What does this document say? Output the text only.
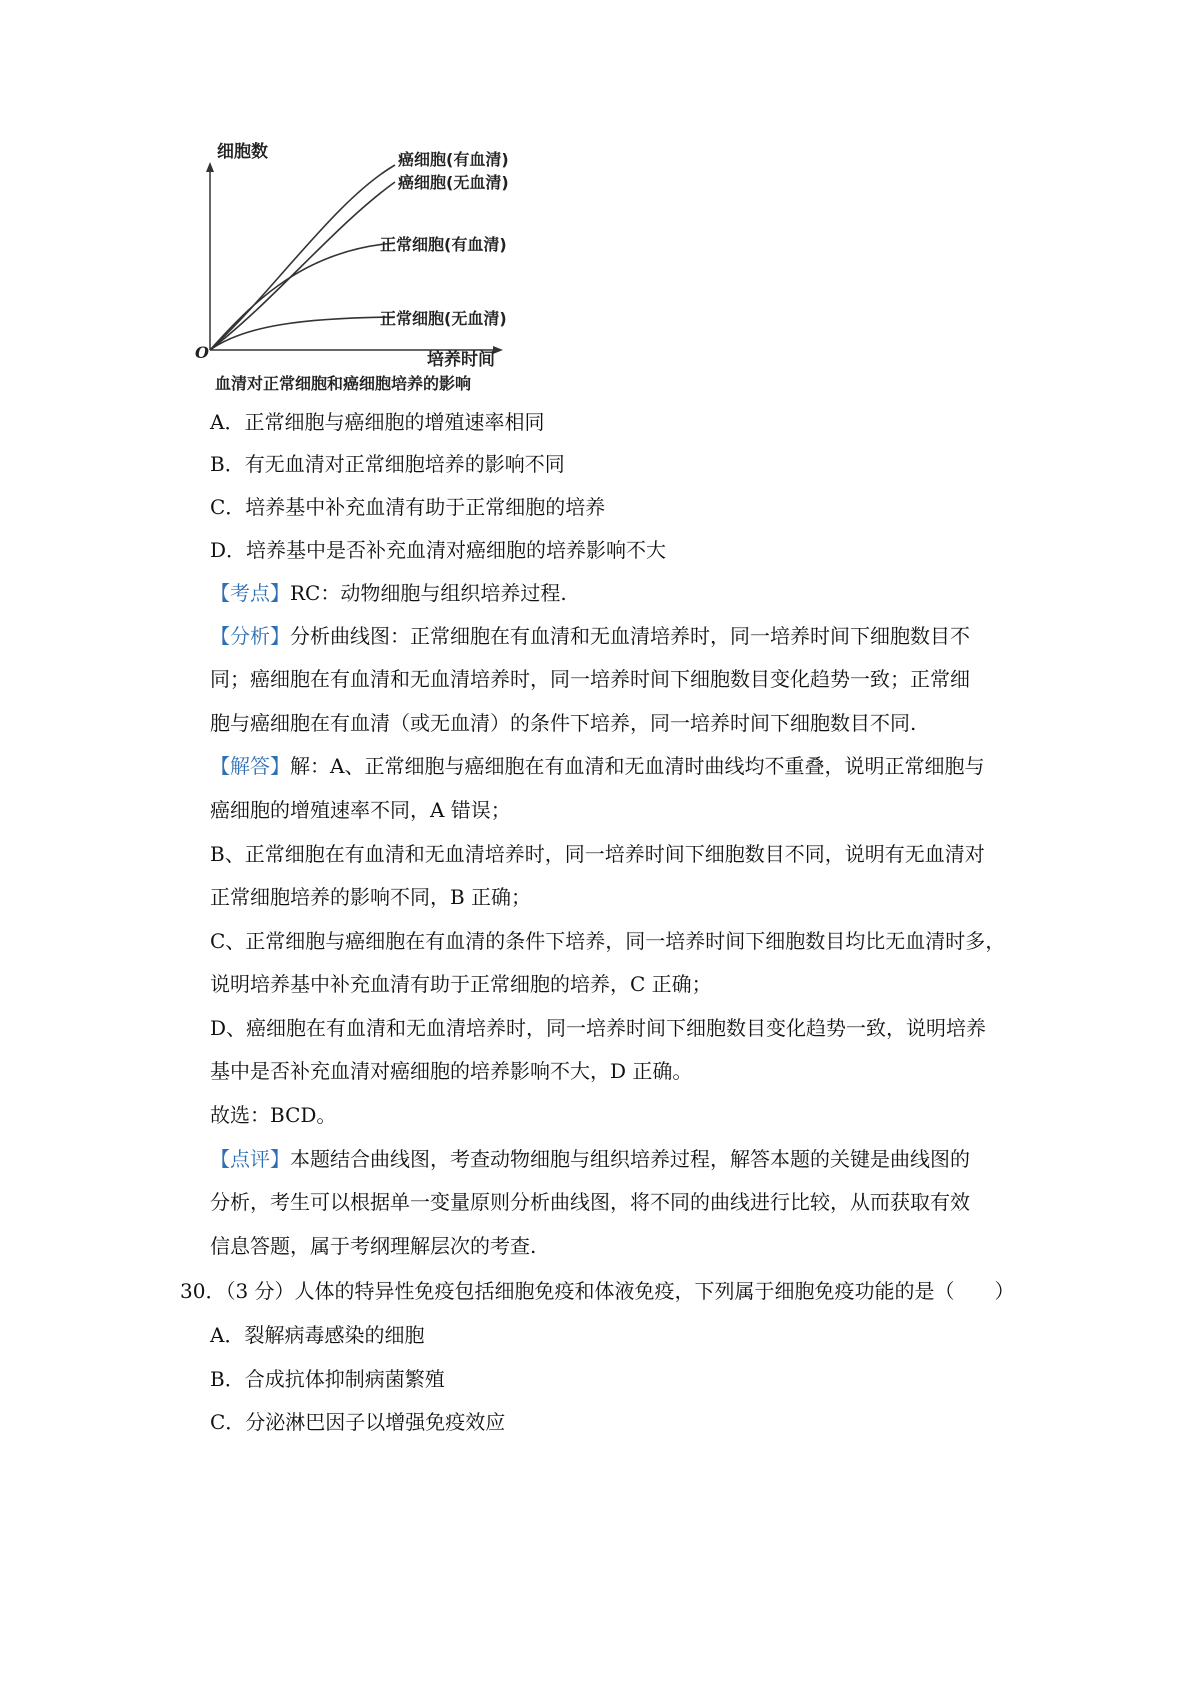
细胞数
O	培养时间
癌细胞(有血清)
癌细胞(无血清)
正常细胞(有血清)
正常细胞(无血清)
血清对正常细胞和癌细胞培养的影响
A．正常细胞与癌细胞的增殖速率相同
B．有无血清对正常细胞培养的影响不同
C．培养基中补充血清有助于正常细胞的培养
D．培养基中是否补充血清对癌细胞的培养影响不大
【考点】RC：动物细胞与组织培养过程.
【分析】分析曲线图：正常细胞在有血清和无血清培养时，同一培养时间下细胞数目不
同；癌细胞在有血清和无血清培养时，同一培养时间下细胞数目变化趋势一致；正常细
胞与癌细胞在有血清（或无血清）的条件下培养，同一培养时间下细胞数目不同.
【解答】解：A、正常细胞与癌细胞在有血清和无血清时曲线均不重叠，说明正常细胞与
癌细胞的增殖速率不同，A 错误；
B、正常细胞在有血清和无血清培养时，同一培养时间下细胞数目不同，说明有无血清对
正常细胞培养的影响不同，B 正确；
C、正常细胞与癌细胞在有血清的条件下培养，同一培养时间下细胞数目均比无血清时多，
说明培养基中补充血清有助于正常细胞的培养，C 正确；
D、癌细胞在有血清和无血清培养时，同一培养时间下细胞数目变化趋势一致，说明培养
基中是否补充血清对癌细胞的培养影响不大，D 正确。
故选：BCD。
【点评】本题结合曲线图，考查动物细胞与组织培养过程，解答本题的关键是曲线图的
分析，考生可以根据单一变量原则分析曲线图，将不同的曲线进行比较，从而获取有效
信息答题，属于考纲理解层次的考查.
30．（3 分）人体的特异性免疫包括细胞免疫和体液免疫，下列属于细胞免疫功能的是（　　）
A．裂解病毒感染的细胞
B．合成抗体抑制病菌繁殖
C．分泌淋巴因子以增强免疫效应
